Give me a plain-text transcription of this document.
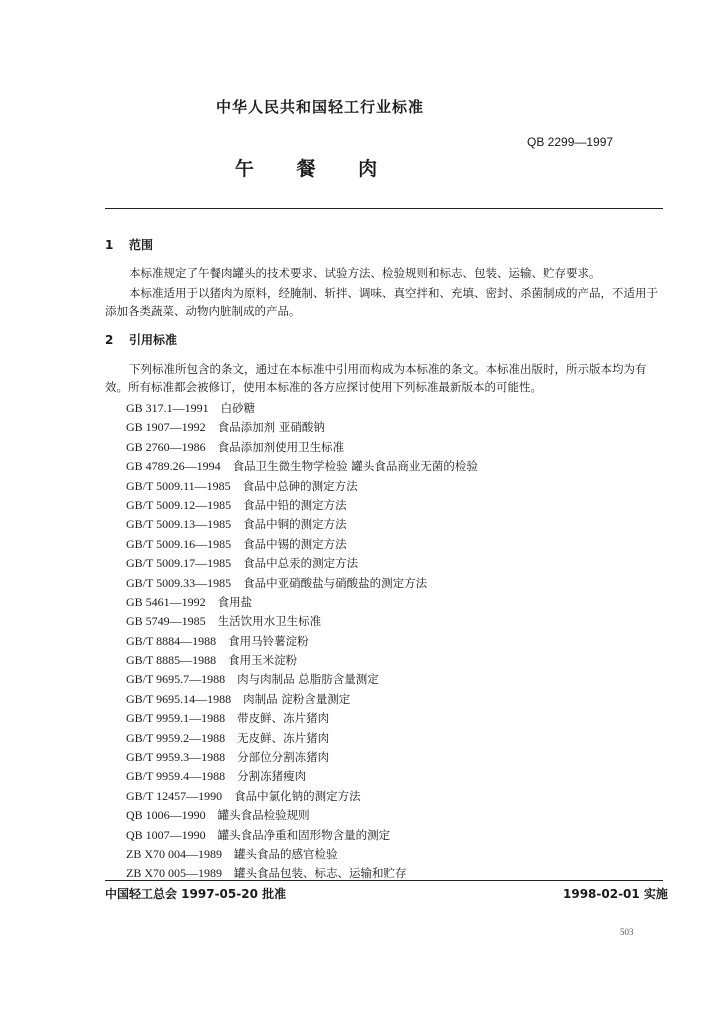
中华人民共和国轻工行业标准
QB 2299—1997
午 餐 肉
1 范围
本标准规定了午餐肉罐头的技术要求、试验方法、检验规则和标志、包装、运输、贮存要求。
本标准适用于以猪肉为原料，经腌制、斩拌、调味、真空拌和、充填、密封、杀菌制成的产品，不适用于添加各类蔬菜、动物内脏制成的产品。
2 引用标准
下列标准所包含的条文，通过在本标准中引用而构成为本标准的条文。本标准出版时，所示版本均为有效。所有标准都会被修订，使用本标准的各方应探讨使用下列标准最新版本的可能性。
GB 317.1—1991 白砂糖
GB 1907—1992 食品添加剂 亚硝酸钠
GB 2760—1986 食品添加剂使用卫生标准
GB 4789.26—1994 食品卫生微生物学检验 罐头食品商业无菌的检验
GB/T 5009.11—1985 食品中总砷的测定方法
GB/T 5009.12—1985 食品中铅的测定方法
GB/T 5009.13—1985 食品中铜的测定方法
GB/T 5009.16—1985 食品中锡的测定方法
GB/T 5009.17—1985 食品中总汞的测定方法
GB/T 5009.33—1985 食品中亚硝酸盐与硝酸盐的测定方法
GB 5461—1992 食用盐
GB 5749—1985 生活饮用水卫生标准
GB/T 8884—1988 食用马铃薯淀粉
GB/T 8885—1988 食用玉米淀粉
GB/T 9695.7—1988 肉与肉制品 总脂肪含量测定
GB/T 9695.14—1988 肉制品 淀粉含量测定
GB/T 9959.1—1988 带皮鲜、冻片猪肉
GB/T 9959.2—1988 无皮鲜、冻片猪肉
GB/T 9959.3—1988 分部位分割冻猪肉
GB/T 9959.4—1988 分割冻猪瘦肉
GB/T 12457—1990 食品中氯化钠的测定方法
QB 1006—1990 罐头食品检验规则
QB 1007—1990 罐头食品净重和固形物含量的测定
ZB X70 004—1989 罐头食品的感官检验
ZB X70 005—1989 罐头食品包装、标志、运输和贮存
中国轻工总会 1997-05-20 批准	1998-02-01 实施
503
